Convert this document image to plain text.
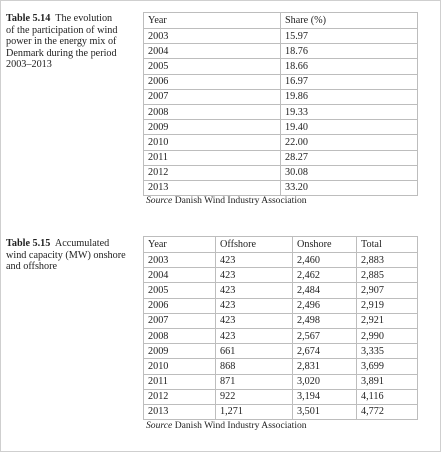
Table 5.14 The evolution
of the participation of wind
power in the energy mix of
Denmark during the period
2003–2013
Year	Share (%)
2003	15.97
2004	18.76
2005	18.66
2006	16.97
2007	19.86
2008	19.33
2009	19.40
2010	22.00
2011	28.27
2012	30.08
2013	33.20
Source Danish Wind Industry Association
Table 5.15 Accumulated
wind capacity (MW) onshore
and offshore
Year	Offshore	Onshore	Total
2003	423	2,460	2,883
2004	423	2,462	2,885
2005	423	2,484	2,907
2006	423	2,496	2,919
2007	423	2,498	2,921
2008	423	2,567	2,990
2009	661	2,674	3,335
2010	868	2,831	3,699
2011	871	3,020	3,891
2012	922	3,194	4,116
2013	1,271	3,501	4,772
Source Danish Wind Industry Association
